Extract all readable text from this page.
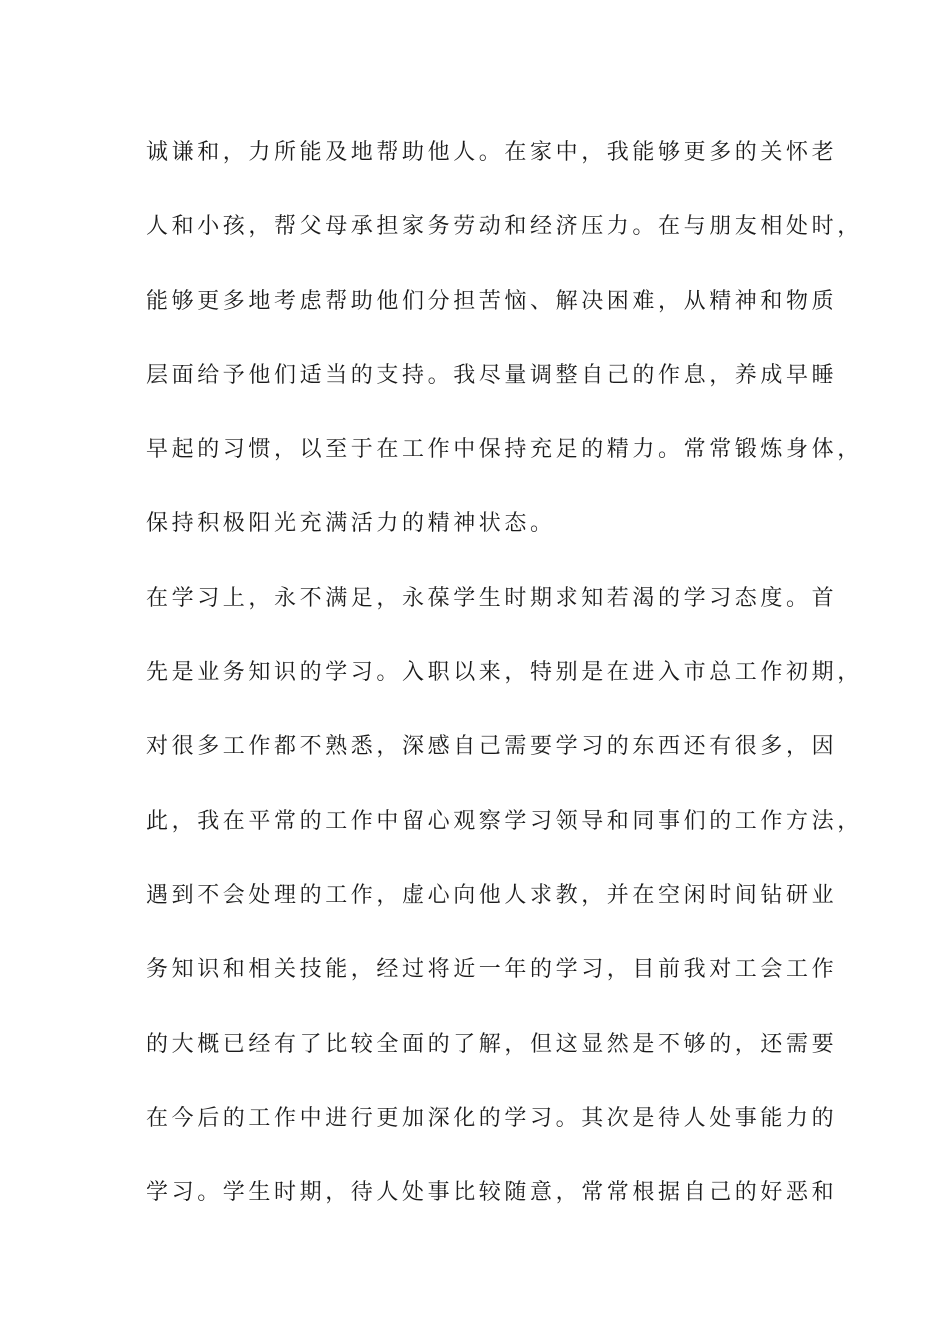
诚谦和，力所能及地帮助他人。在家中，我能够更多的关怀老
人和小孩，帮父母承担家务劳动和经济压力。在与朋友相处时，
能够更多地考虑帮助他们分担苦恼、解决困难，从精神和物质
层面给予他们适当的支持。我尽量调整自己的作息，养成早睡
早起的习惯，以至于在工作中保持充足的精力。常常锻炼身体，
保持积极阳光充满活力的精神状态。
在学习上，永不满足，永葆学生时期求知若渴的学习态度。首
先是业务知识的学习。入职以来，特别是在进入市总工作初期，
对很多工作都不熟悉，深感自己需要学习的东西还有很多，因
此，我在平常的工作中留心观察学习领导和同事们的工作方法，
遇到不会处理的工作，虚心向他人求教，并在空闲时间钻研业
务知识和相关技能，经过将近一年的学习，目前我对工会工作
的大概已经有了比较全面的了解，但这显然是不够的，还需要
在今后的工作中进行更加深化的学习。其次是待人处事能力的
学习。学生时期，待人处事比较随意，常常根据自己的好恶和
